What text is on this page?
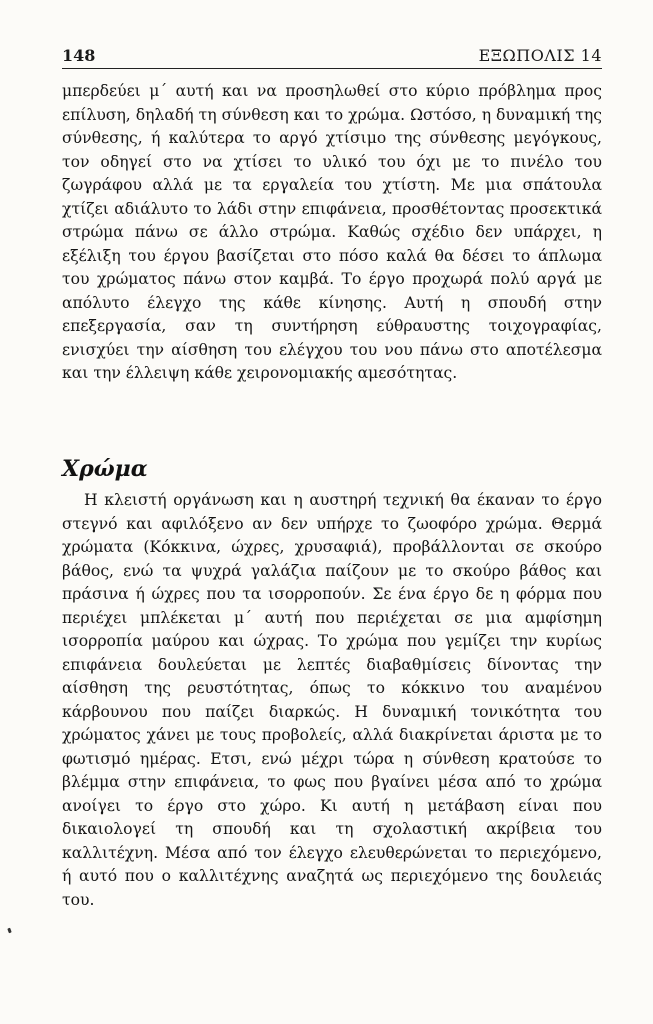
148	ΕΞΩΠΟΛΙΣ 14

μπερδεύει μ΄ αυτή και να προσηλωθεί στο κύριο πρόβλημα προς επίλυση, δηλαδή τη σύνθεση και το χρώμα. Ωστόσο, η δυναμική της σύνθεσης, ή καλύτερα το αργό χτίσιμο της σύνθεσης μεγόγκους, τον οδηγεί στο να χτίσει το υλικό του όχι με το πινέλο του ζωγράφου αλλά με τα εργαλεία του χτίστη. Με μια σπάτουλα χτίζει αδιάλυτο το λάδι στην επιφάνεια, προσθέτοντας προσεκτικά στρώμα πάνω σε άλλο στρώμα. Καθώς σχέδιο δεν υπάρχει, η εξέλιξη του έργου βασίζεται στο πόσο καλά θα δέσει το άπλωμα του χρώματος πάνω στον καμβά. Το έργο προχωρά πολύ αργά με απόλυτο έλεγχο της κάθε κίνησης. Αυτή η σπουδή στην επεξεργασία, σαν τη συντήρηση εύθραυστης τοιχογραφίας, ενισχύει την αίσθηση του ελέγχου του νου πάνω στο αποτέλεσμα και την έλλειψη κάθε χειρονομιακής αμεσότητας.

Χρώμα

Η κλειστή οργάνωση και η αυστηρή τεχνική θα έκαναν το έργο στεγνό και αφιλόξενο αν δεν υπήρχε το ζωοφόρο χρώμα. Θερμά χρώματα (Κόκκινα, ώχρες, χρυσαφιά), προβάλλονται σε σκούρο βάθος, ενώ τα ψυχρά γαλάζια παίζουν με το σκούρο βάθος και πράσινα ή ώχρες που τα ισορροπούν. Σε ένα έργο δε η φόρμα που περιέχει μπλέκεται μ΄ αυτή που περιέχεται σε μια αμφίσημη ισορροπία μαύρου και ώχρας. Το χρώμα που γεμίζει την κυρίως επιφάνεια δουλεύεται με λεπτές διαβαθμίσεις δίνοντας την αίσθηση της ρευστότητας, όπως το κόκκινο του αναμένου κάρβουνου που παίζει διαρκώς. Η δυναμική τονικότητα του χρώματος χάνει με τους προβολείς, αλλά διακρίνεται άριστα με το φωτισμό ημέρας. Ετσι, ενώ μέχρι τώρα η σύνθεση κρατούσε το βλέμμα στην επιφάνεια, το φως που βγαίνει μέσα από το χρώμα ανοίγει το έργο στο χώρο. Κι αυτή η μετάβαση είναι που δικαιολογεί τη σπουδή και τη σχολαστική ακρίβεια του καλλιτέχνη. Μέσα από τον έλεγχο ελευθερώνεται το περιεχόμενο, ή αυτό που ο καλλιτέχνης αναζητά ως περιεχόμενο της δουλειάς του.
